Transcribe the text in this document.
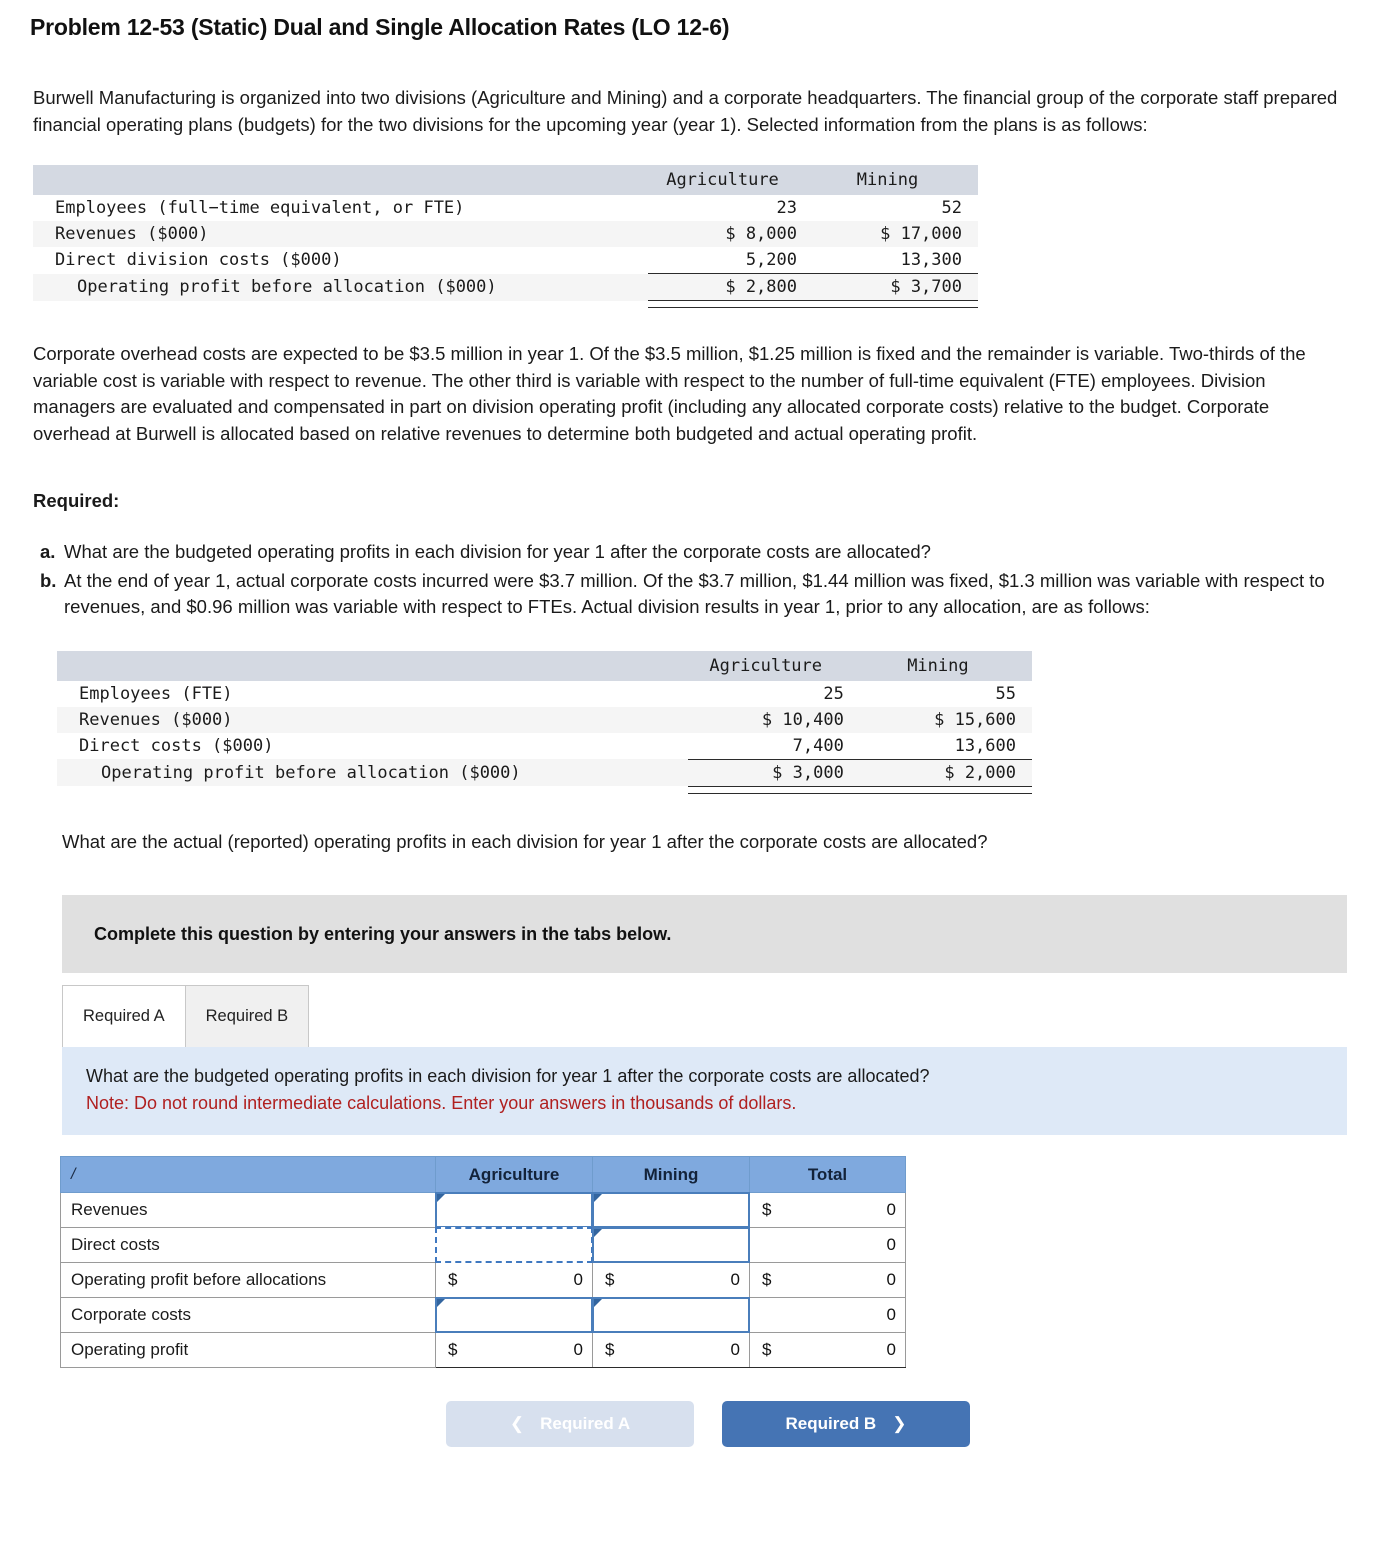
Problem 12-53 (Static) Dual and Single Allocation Rates (LO 12-6)

Burwell Manufacturing is organized into two divisions (Agriculture and Mining) and a corporate headquarters. The financial group of the corporate staff prepared financial operating plans (budgets) for the two divisions for the upcoming year (year 1). Selected information from the plans is as follows:

	Agriculture	Mining
Employees (full−time equivalent, or FTE)	23	52
Revenues ($000)	$ 8,000	$ 17,000
Direct division costs ($000)	5,200	13,300
Operating profit before allocation ($000)	$ 2,800	$ 3,700

Corporate overhead costs are expected to be $3.5 million in year 1. Of the $3.5 million, $1.25 million is fixed and the remainder is variable. Two-thirds of the variable cost is variable with respect to revenue. The other third is variable with respect to the number of full-time equivalent (FTE) employees. Division managers are evaluated and compensated in part on division operating profit (including any allocated corporate costs) relative to the budget. Corporate overhead at Burwell is allocated based on relative revenues to determine both budgeted and actual operating profit.

Required:
a. What are the budgeted operating profits in each division for year 1 after the corporate costs are allocated?
b. At the end of year 1, actual corporate costs incurred were $3.7 million. Of the $3.7 million, $1.44 million was fixed, $1.3 million was variable with respect to revenues, and $0.96 million was variable with respect to FTEs. Actual division results in year 1, prior to any allocation, are as follows:
	Agriculture	Mining
Employees (FTE)	25	55
Revenues ($000)	$ 10,400	$ 15,600
Direct costs ($000)	7,400	13,600
Operating profit before allocation ($000)	$ 3,000	$ 2,000

What are the actual (reported) operating profits in each division for year 1 after the corporate costs are allocated?

Complete this question by entering your answers in the tabs below.
Required A Required B
What are the budgeted operating profits in each division for year 1 after the corporate costs are allocated?
Note: Do not round intermediate calculations. Enter your answers in thousands of dollars.
/	Agriculture	Mining	Total
Revenues			$ 0

Direct costs			0

Operating profit before allocations	$ 0	$ 0	$ 0

Corporate costs			0

Operating profit	$ 0	$ 0	$ 0
❮ Required A	Required B ❯
